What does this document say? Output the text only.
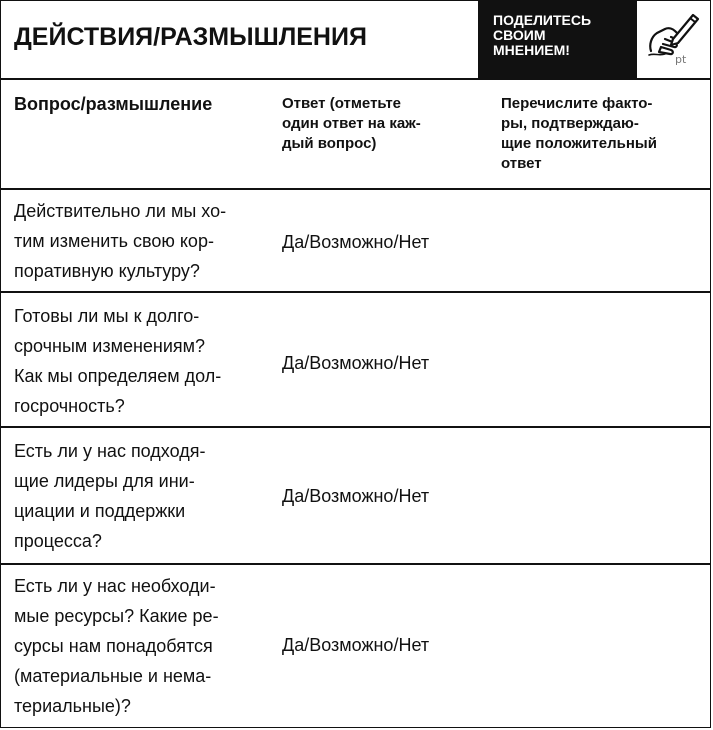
ДЕЙСТВИЯ/РАЗМЫШЛЕНИЯ
ПОДЕЛИТЕСЬ
СВОИМ
МНЕНИЕМ!
pt
Вопрос/размышление	Ответ (отметьте
один ответ на каж-
дый вопрос)
Перечислите факто-
ры, подтверждаю-
щие положительный
ответ
Действительно ли мы хо-
тим изменить свою кор-
поративную культуру?
Да/Возможно/Нет
Готовы ли мы к долго-
срочным изменениям?
Как мы определяем дол-
госрочность?
Да/Возможно/Нет
Есть ли у нас подходя-
щие лидеры для ини-
циации и поддержки
процесса?
Да/Возможно/Нет
Есть ли у нас необходи-
мые ресурсы? Какие ре-
сурсы нам понадобятся
(материальные и нема-
териальные)?
Да/Возможно/Нет
